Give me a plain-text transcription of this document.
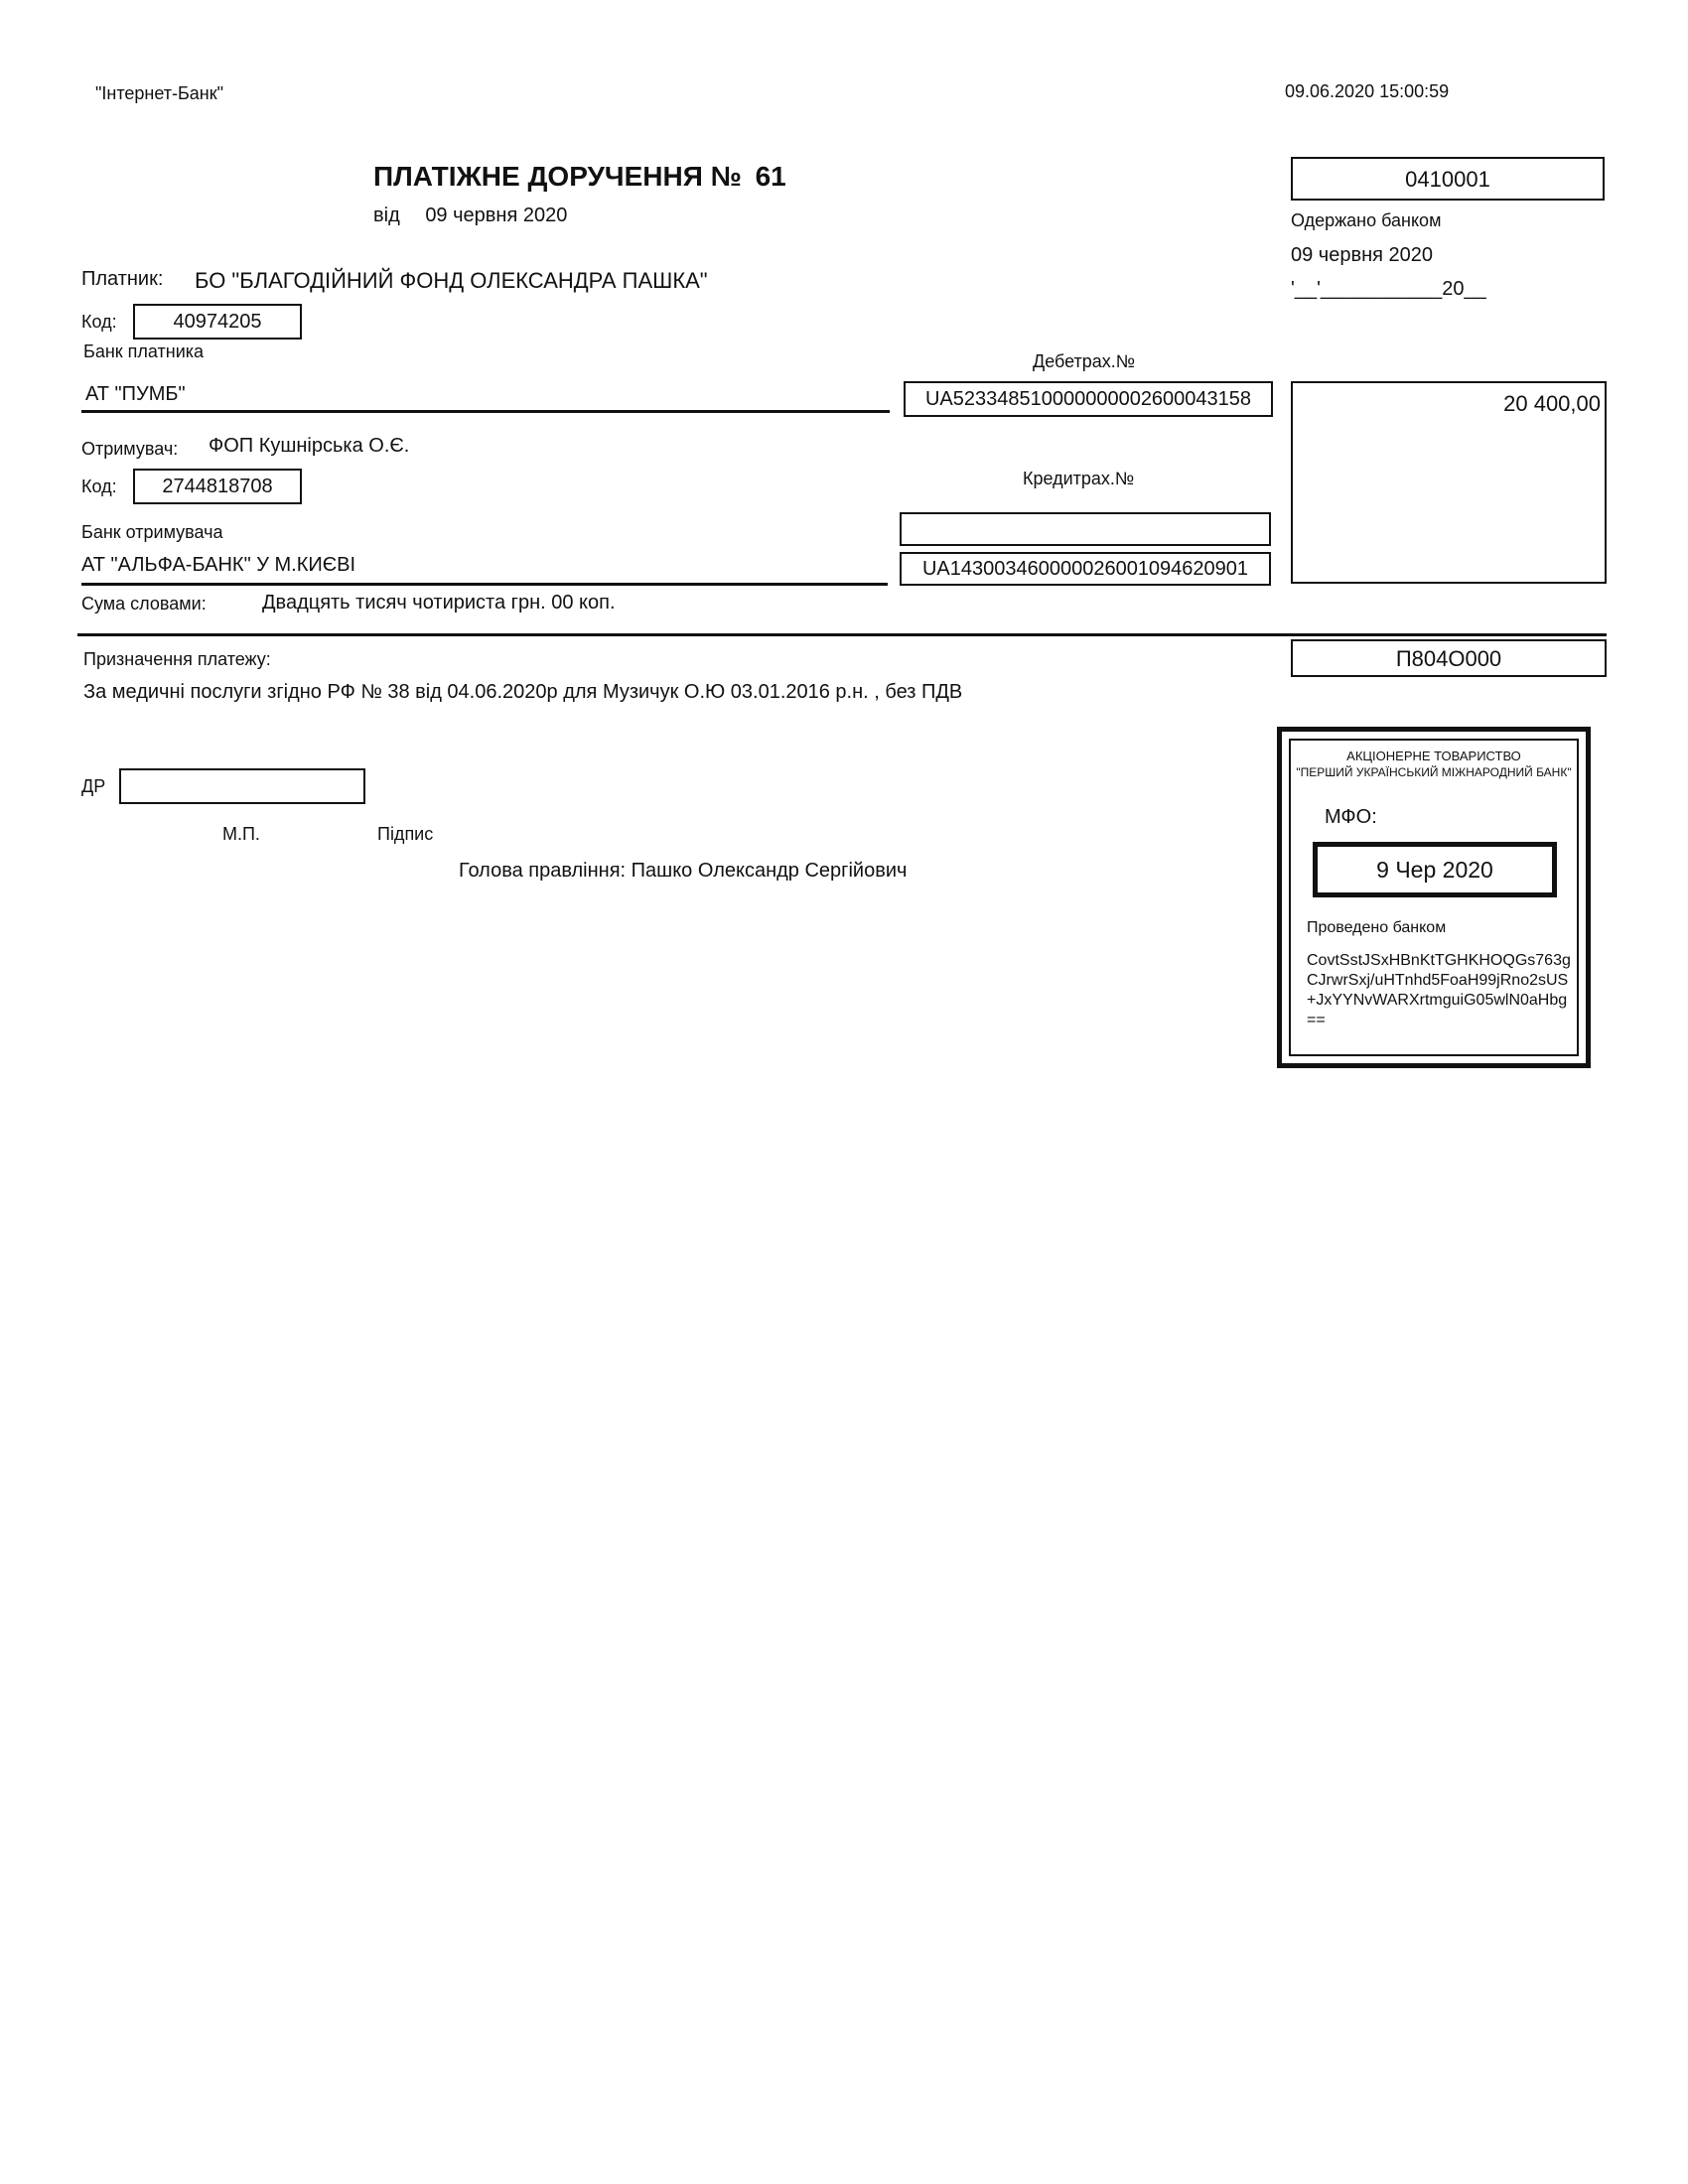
"Інтернет-Банк"	09.06.2020 15:00:59
ПЛАТІЖНЕ ДОРУЧЕННЯ № 61
від 09 червня 2020
0410001
Одержано банком
09 червня 2020
'__'___________20__
Платник: БО "БЛАГОДІЙНИЙ ФОНД ОЛЕКСАНДРА ПАШКА"
Код:	40974205
Банк платника	Дебетрах.№
АТ "ПУМБ"	UA523348510000000002600043158	20 400,00
Отримувач: ФОП Кушнірська О.Є.
Код:	2744818708	Кредитрах.№
Банк отримувача
АТ "АЛЬФА-БАНК" У М.КИЄВІ	UA143003460000026001094620901
Сума словами:	Двадцять тисяч чотириста грн. 00 коп.
Призначення платежу:	П804О000
За медичні послуги згідно РФ № 38 від 04.06.2020р для Музичук О.Ю 03.01.2016 р.н. , без ПДВ
ДР
М.П.	Підпис
Голова правління: Пашко Олександр Сергійович
АКЦІОНЕРНЕ ТОВАРИСТВО
"ПЕРШИЙ УКРАЇНСЬКИЙ МІЖНАРОДНИЙ БАНК"
МФО:
9 Чер 2020
Проведено банком
CovtSstJSxHBnKtTGHKHOQGs763gCJrwrSxj/uHTnhd5FoaH99jRno2sUS+JxYYNvWARXrtmguiG05wlN0aHbg==
